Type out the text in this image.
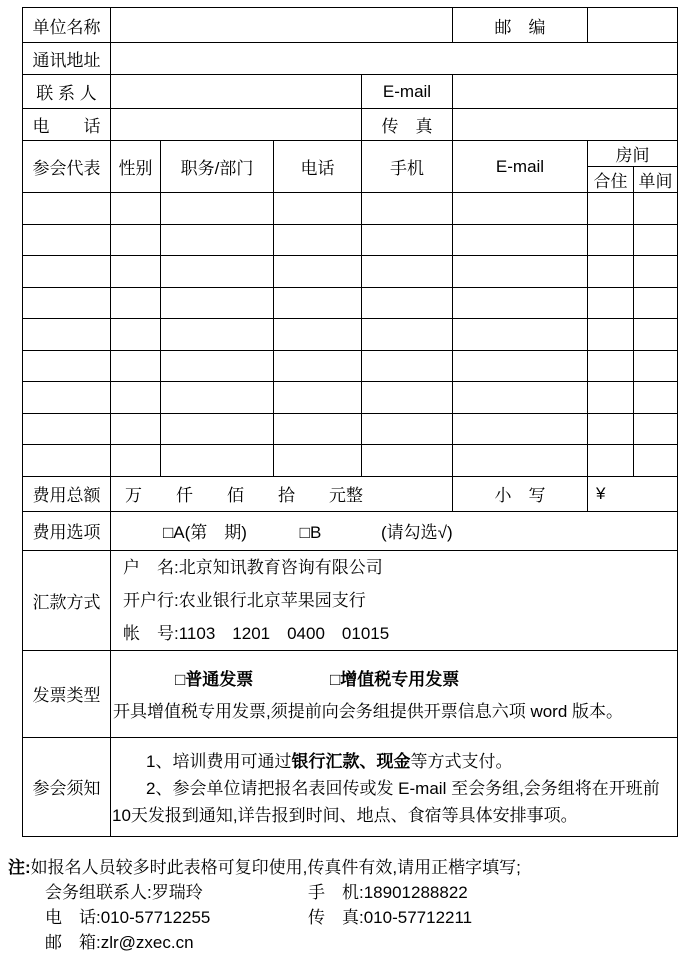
单位名称					邮　编		
通讯地址							
联 系 人				E-mail			
电　　话				传　真			
参会代表	性别	职务/部门	电话	手机	E-mail	房间	
						合住	单间

费用总额	万　　仟　　佰　　拾　　元整				小　写	¥	
费用选项	□A(第　期) □B (请勾选√)						
汇款方式	户　名:北京知讯教育咨询有限公司
开户行:农业银行北京苹果园支行
帐　号:1103　1201　0400　01015						

发票类型	□普通发票 □增值税专用发票
开具增值税专用发票,须提前向会务组提供开票信息六项 word 版本。						

参会须知	1、培训费用可通过银行汇款、现金等方式支付。
2、参会单位请把报名表回传或发 E-mail 至会务组,会务组将在开班前 10天发报到通知,详告报到时间、地点、食宿等具体安排事项。						
注:如报名人员较多时此表格可复印使用,传真件有效,请用正楷字填写;
会务组联系人:罗瑞玲	手　机:18901288822
电　话:010-57712255	传　真:010-57712211
邮　箱:zlr@zxec.cn
